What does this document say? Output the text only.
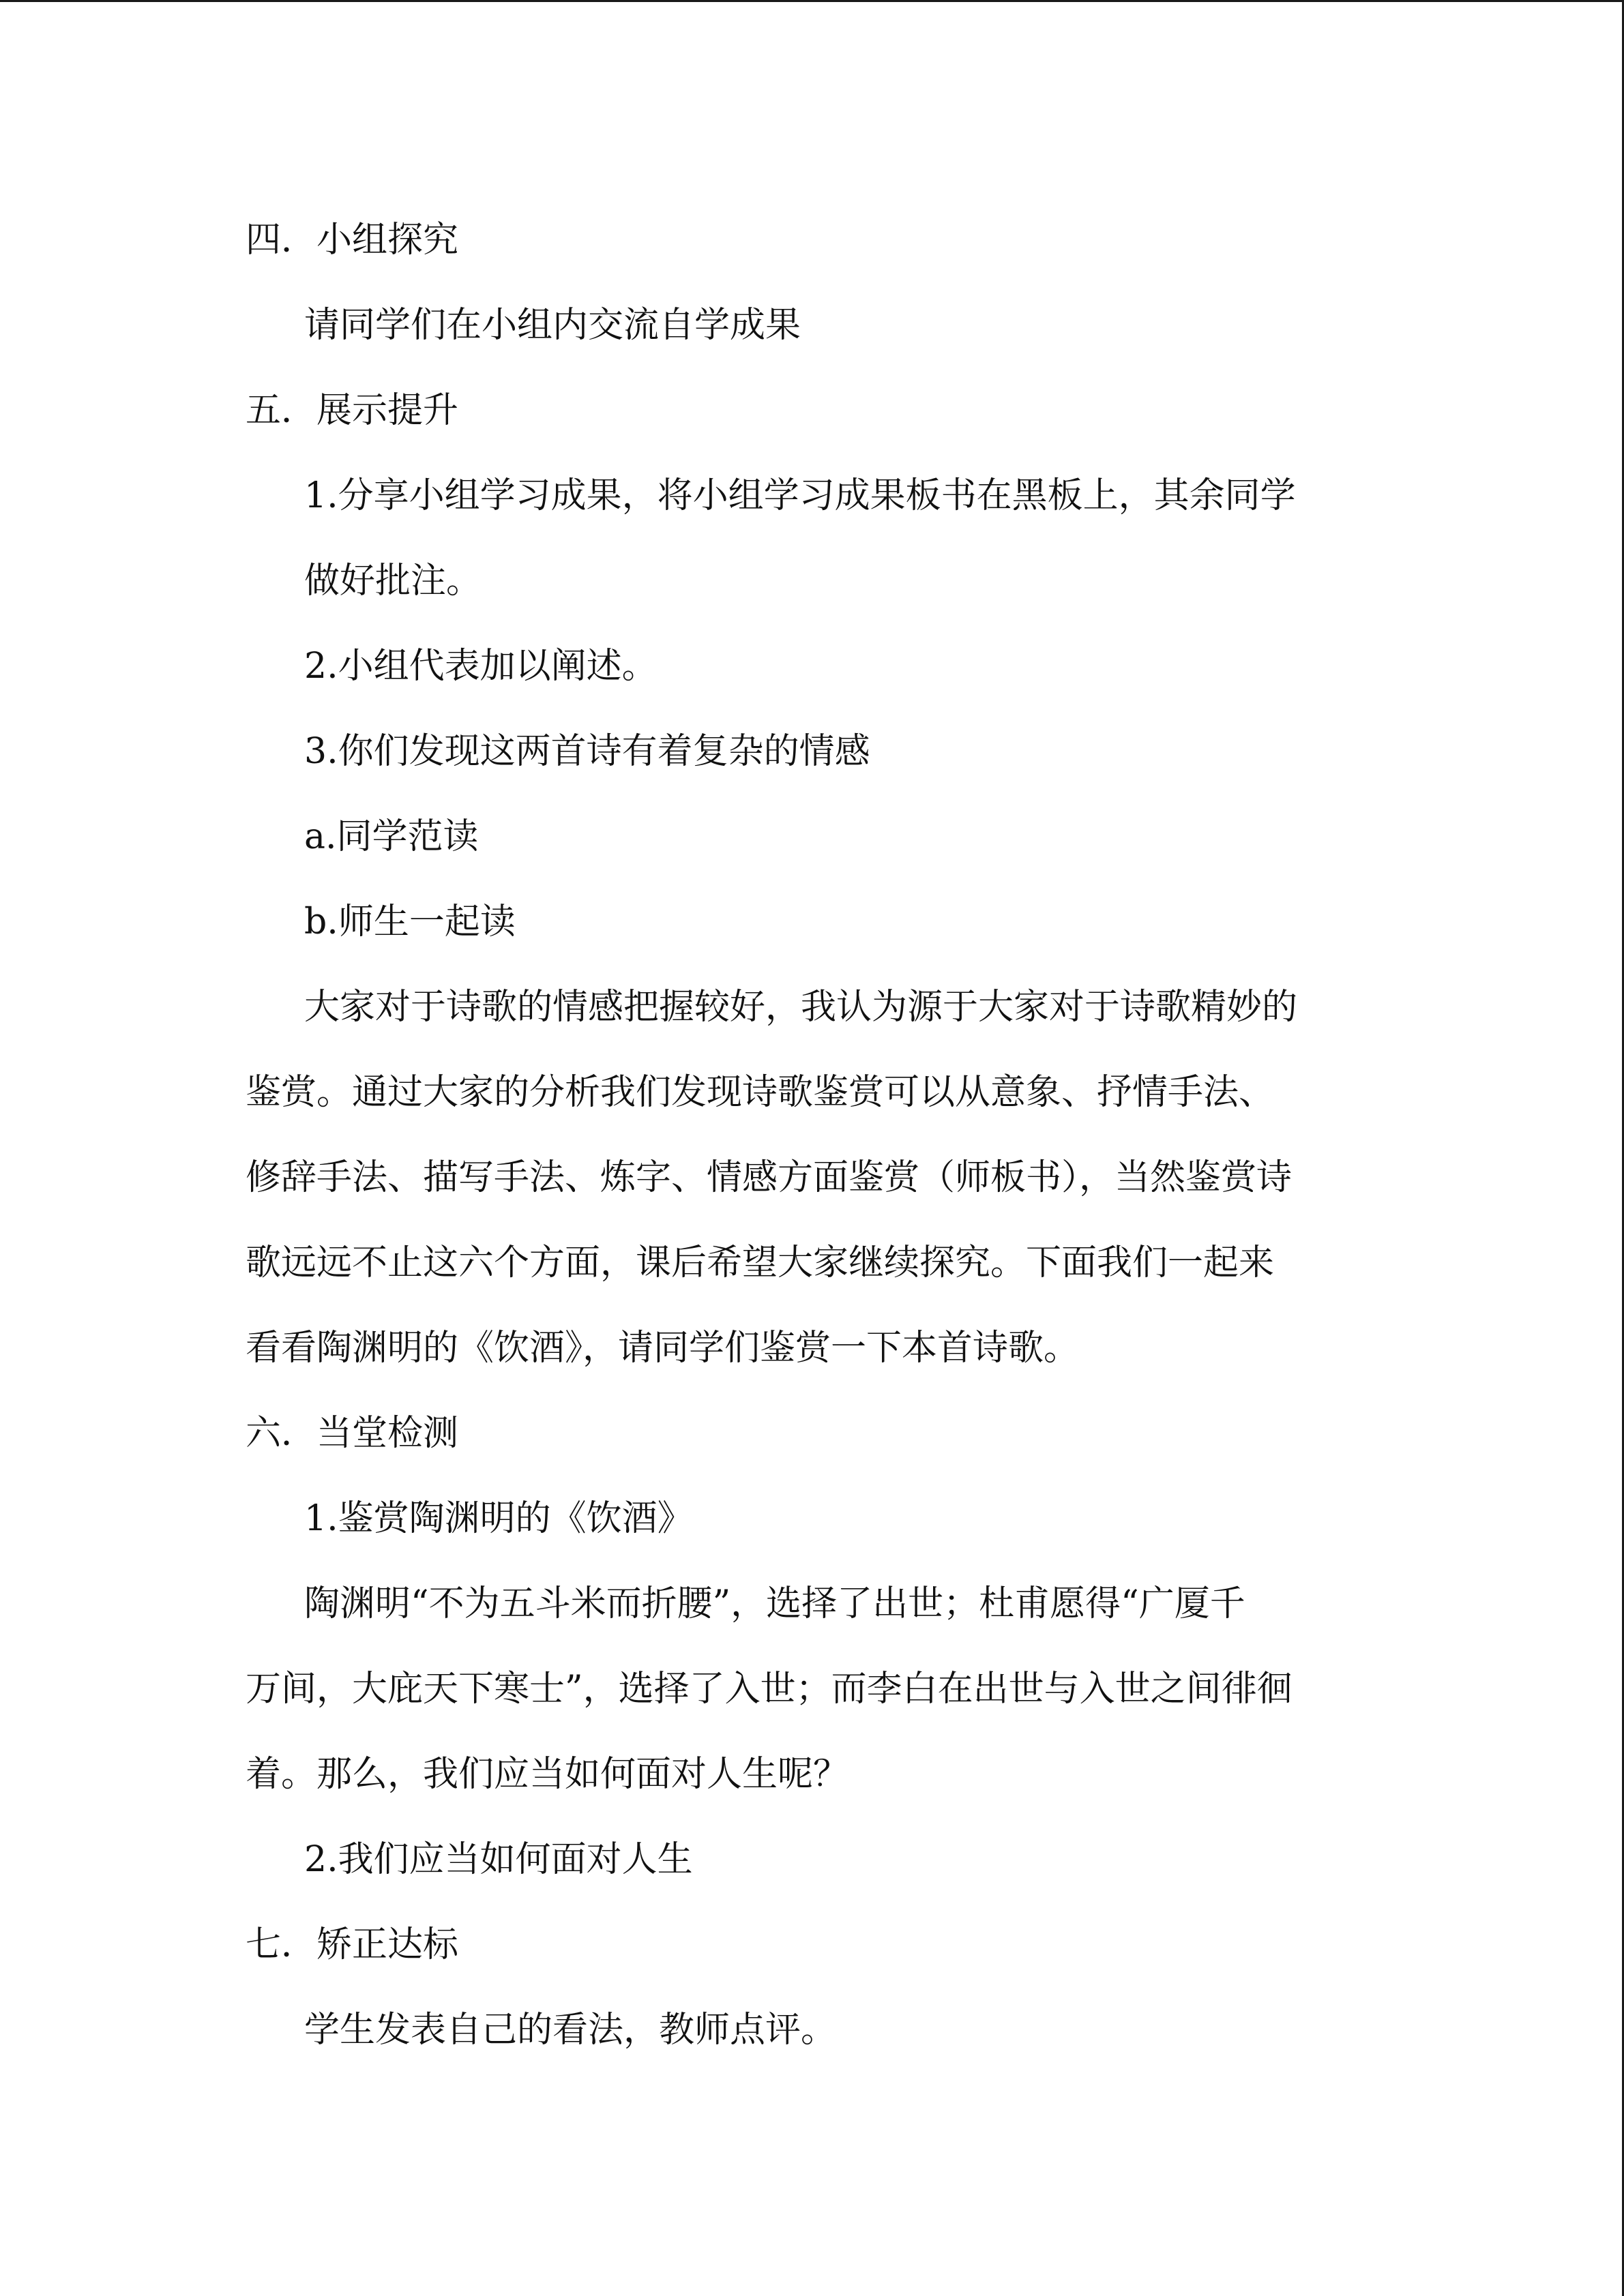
四．小组探究

请同学们在小组内交流自学成果

五．展示提升

1.分享小组学习成果，将小组学习成果板书在黑板上，其余同学

做好批注。

2.小组代表加以阐述。

3.你们发现这两首诗有着复杂的情感

a.同学范读

b.师生一起读

大家对于诗歌的情感把握较好，我认为源于大家对于诗歌精妙的

鉴赏。通过大家的分析我们发现诗歌鉴赏可以从意象、抒情手法、

修辞手法、描写手法、炼字、情感方面鉴赏（师板书），当然鉴赏诗

歌远远不止这六个方面，课后希望大家继续探究。下面我们一起来

看看陶渊明的《饮酒》，请同学们鉴赏一下本首诗歌。

六．当堂检测

1.鉴赏陶渊明的《饮酒》

陶渊明“不为五斗米而折腰”，选择了出世；杜甫愿得“广厦千

万间，大庇天下寒士”，选择了入世；而李白在出世与入世之间徘徊

着。那么，我们应当如何面对人生呢？

2.我们应当如何面对人生

七．矫正达标

学生发表自己的看法，教师点评。
